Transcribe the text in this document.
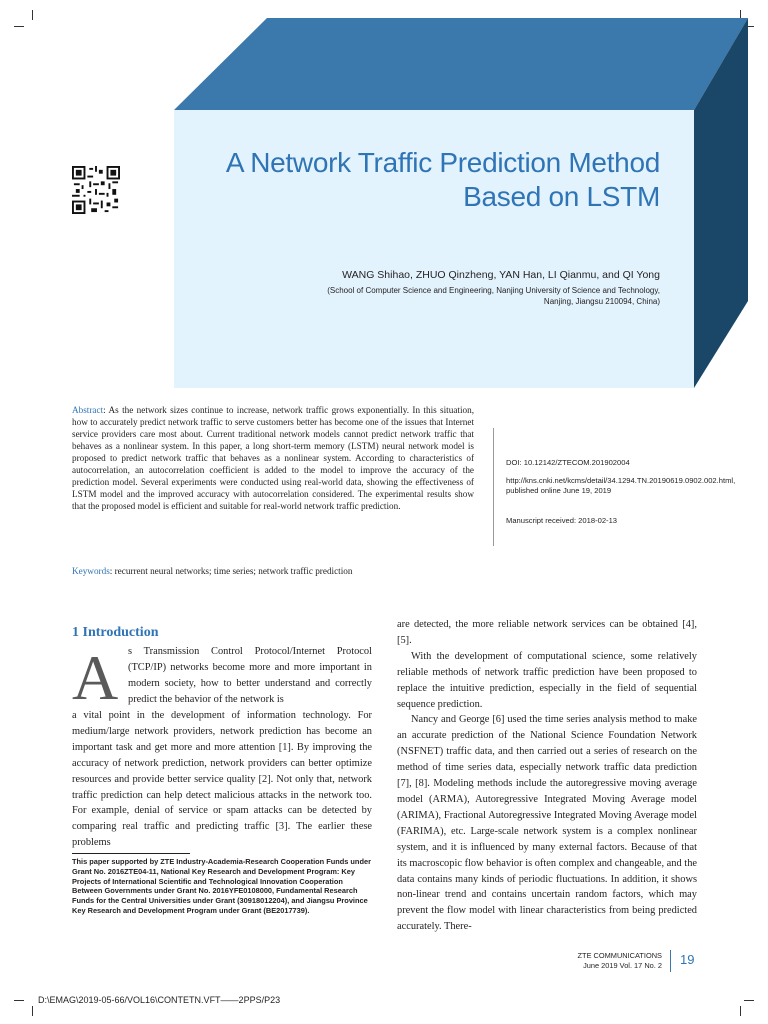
A Network Traffic Prediction Method
Based on LSTM
WANG Shihao, ZHUO Qinzheng, YAN Han, LI Qianmu, and QI Yong
(School of Computer Science and Engineering, Nanjing University of Science and Technology,
Nanjing, Jiangsu 210094, China)
Abstract: As the network sizes continue to increase, network traffic grows exponentially. In this situation, how to accurately predict network traffic to serve customers better has become one of the issues that Internet service providers care most about. Current traditional network models cannot predict network traffic that behaves as a nonlinear system. In this paper, a long short-term memory (LSTM) neural network model is proposed to predict network traffic that behaves as a nonlinear system. According to characteristics of autocorrelation, an autocorrelation coefficient is added to the model to improve the accuracy of the prediction model. Several experiments were conducted using real-world data, showing the effectiveness of LSTM model and the improved accuracy with autocorrelation considered. The experimental results show that the proposed model is efficient and suitable for real-world network traffic prediction.
Keywords: recurrent neural networks; time series; network traffic prediction
DOI: 10.12142/ZTECOM.201902004
http://kns.cnki.net/kcms/detail/34.1294.TN.20190619.0902.002.html, published online June 19, 2019
Manuscript received: 2018-02-13
1 Introduction
A s Transmission Control Protocol/Internet Protocol (TCP/IP) networks become more and more important in modern society, how to better understand and correctly predict the behavior of the network is

a vital point in the development of information technology. For medium/large network providers, network prediction has become an important task and get more and more attention [1]. By improving the accuracy of network prediction, network providers can better optimize resources and provide better service quality [2]. Not only that, network traffic prediction can help detect malicious attacks in the network too. For example, denial of service or spam attacks can be detected by comparing real traffic and predicting traffic [3]. The earlier these problems

are detected, the more reliable network services can be obtained [4], [5].

With the development of computational science, some relatively reliable methods of network traffic prediction have been proposed to replace the intuitive prediction, especially in the field of sequential sequence prediction.

Nancy and George [6] used the time series analysis method to make an accurate prediction of the National Science Foundation Network (NSFNET) traffic data, and then carried out a series of research on the method of time series data, especially network traffic data prediction [7], [8]. Modeling methods include the autoregressive moving average model (ARMA), Autoregressive Integrated Moving Average model (ARIMA), Fractional Autoregressive Integrated Moving Average model (FARIMA), etc. Large-scale network system is a complex nonlinear system, and it is influenced by many external factors. Because of that its macroscopic flow behavior is often complex and changeable, and the data contains many kinds of periodic fluctuations. In addition, it shows non-linear trend and contains uncertain random factors, which may prevent the flow model with linear characteristics from being predicted accurately. There-

This paper supported by ZTE Industry-Academia-Research Cooperation Funds under Grant No. 2016ZTE04-11, National Key Research and Development Program: Key Projects of International Scientific and Technological Innovation Cooperation Between Governments under Grant No. 2016YFE0108000, Fundamental Research Funds for the Central Universities under Grant (30918012204), and Jiangsu Province Key Research and Development Program under Grant (BE2017739).
ZTE COMMUNICATIONS
June 2019 Vol. 17 No. 2 19
D:\EMAG\2019-05-66/VOL16\CONTETN.VFT——2PPS/P23
